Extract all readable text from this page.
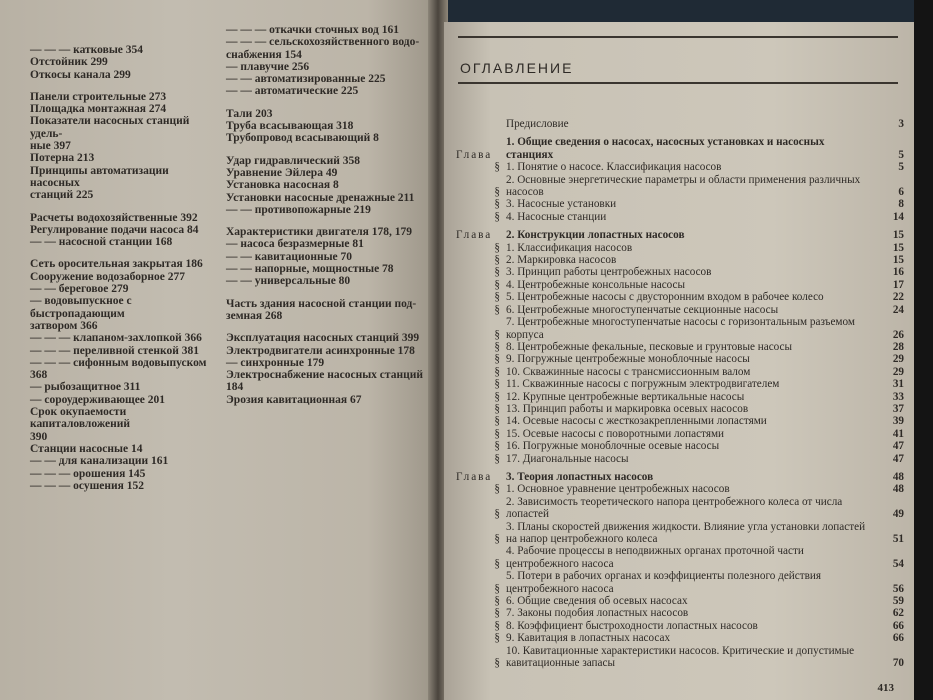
— — — катковые 354
Отстойник 299
Откосы канала 299
Панели строительные 273
Площадка монтажная 274
Показатели насосных станций удель-
ные 397
Потерна 213
Принципы автоматизации насосных
станций 225
Расчеты водохозяйственные 392
Регулирование подачи насоса 84
— — насосной станции 168
Сеть оросительная закрытая 186
Сооружение водозаборное 277
— — береговое 279
— водовыпускное с быстропадающим
затвором 366
— — — клапаном-захлопкой 366
— — — переливной стенкой 381
— — — сифонным водовыпуском 368
— рыбозащитное 311
— сороудерживающее 201
Срок окупаемости капиталовложений
390
Станции насосные 14
— — для канализации 161
— — — орошения 145
— — — осушения 152
— — — откачки сточных вод 161
— — — сельскохозяйственного водо-
снабжения 154
— плавучие 256
— — автоматизированные 225
— — автоматические 225
Тали 203
Труба всасывающая 318
Трубопровод всасывающий 8
Удар гидравлический 358
Уравнение Эйлера 49
Установка насосная 8
Установки насосные дренажные 211
— — противопожарные 219
Характеристики двигателя 178, 179
— насоса безразмерные 81
— — кавитационные 70
— — напорные, мощностные 78
— — универсальные 80
Часть здания насосной станции под-
земная 268
Эксплуатация насосных станций 399
Электродвигатели асинхронные 178
— синхронные 179
Электроснабжение насосных станций
184
Эрозия кавитационная 67
ОГЛАВЛЕНИЕ
Предисловие	3
Глава
1. Общие сведения о насосах, насосных установках и насосных станциях	5
§ 1. Понятие о насосе. Классификация насосов	5
§
2. Основные энергетические параметры и области применения различных насосов	6
§ 3. Насосные установки	8
§ 4. Насосные станции	14
Глава	2. Конструкции лопастных насосов	15
§ 1. Классификация насосов	15
§ 2. Маркировка насосов	15
§ 3. Принцип работы центробежных насосов	16
§ 4. Центробежные консольные насосы	17
§ 5. Центробежные насосы с двусторонним входом в рабочее колесо	22
§ 6. Центробежные многоступенчатые секционные насосы	24
§
7. Центробежные многоступенчатые насосы с горизонтальным разъемом корпуса	26
§ 8. Центробежные фекальные, песковые и грунтовые насосы	28
§ 9. Погружные центробежные моноблочные насосы	29
§ 10. Скважинные насосы с трансмиссионным валом	29
§ 11. Скважинные насосы с погружным электродвигателем	31
§ 12. Крупные центробежные вертикальные насосы	33
§ 13. Принцип работы и маркировка осевых насосов	37
§ 14. Осевые насосы с жесткозакрепленными лопастями	39
§ 15. Осевые насосы с поворотными лопастями	41
§ 16. Погружные моноблочные осевые насосы	47
§ 17. Диагональные насосы	47
Глава	3. Теория лопастных насосов	48
§ 1. Основное уравнение центробежных насосов	48
§
2. Зависимость теоретического напора центробежного колеса от числа лопастей	49
§
3. Планы скоростей движения жидкости. Влияние угла установки лопастей на напор центробежного колеса	51
§
4. Рабочие процессы в неподвижных органах проточной части центробежного насоса	54
§
5. Потери в рабочих органах и коэффициенты полезного действия центробежного насоса	56
§ 6. Общие сведения об осевых насосах	59
§ 7. Законы подобия лопастных насосов	62
§ 8. Коэффициент быстроходности лопастных насосов	66
§ 9. Кавитация в лопастных насосах	66
§
10. Кавитационные характеристики насосов. Критические и допустимые кавитационные запасы	70
413
